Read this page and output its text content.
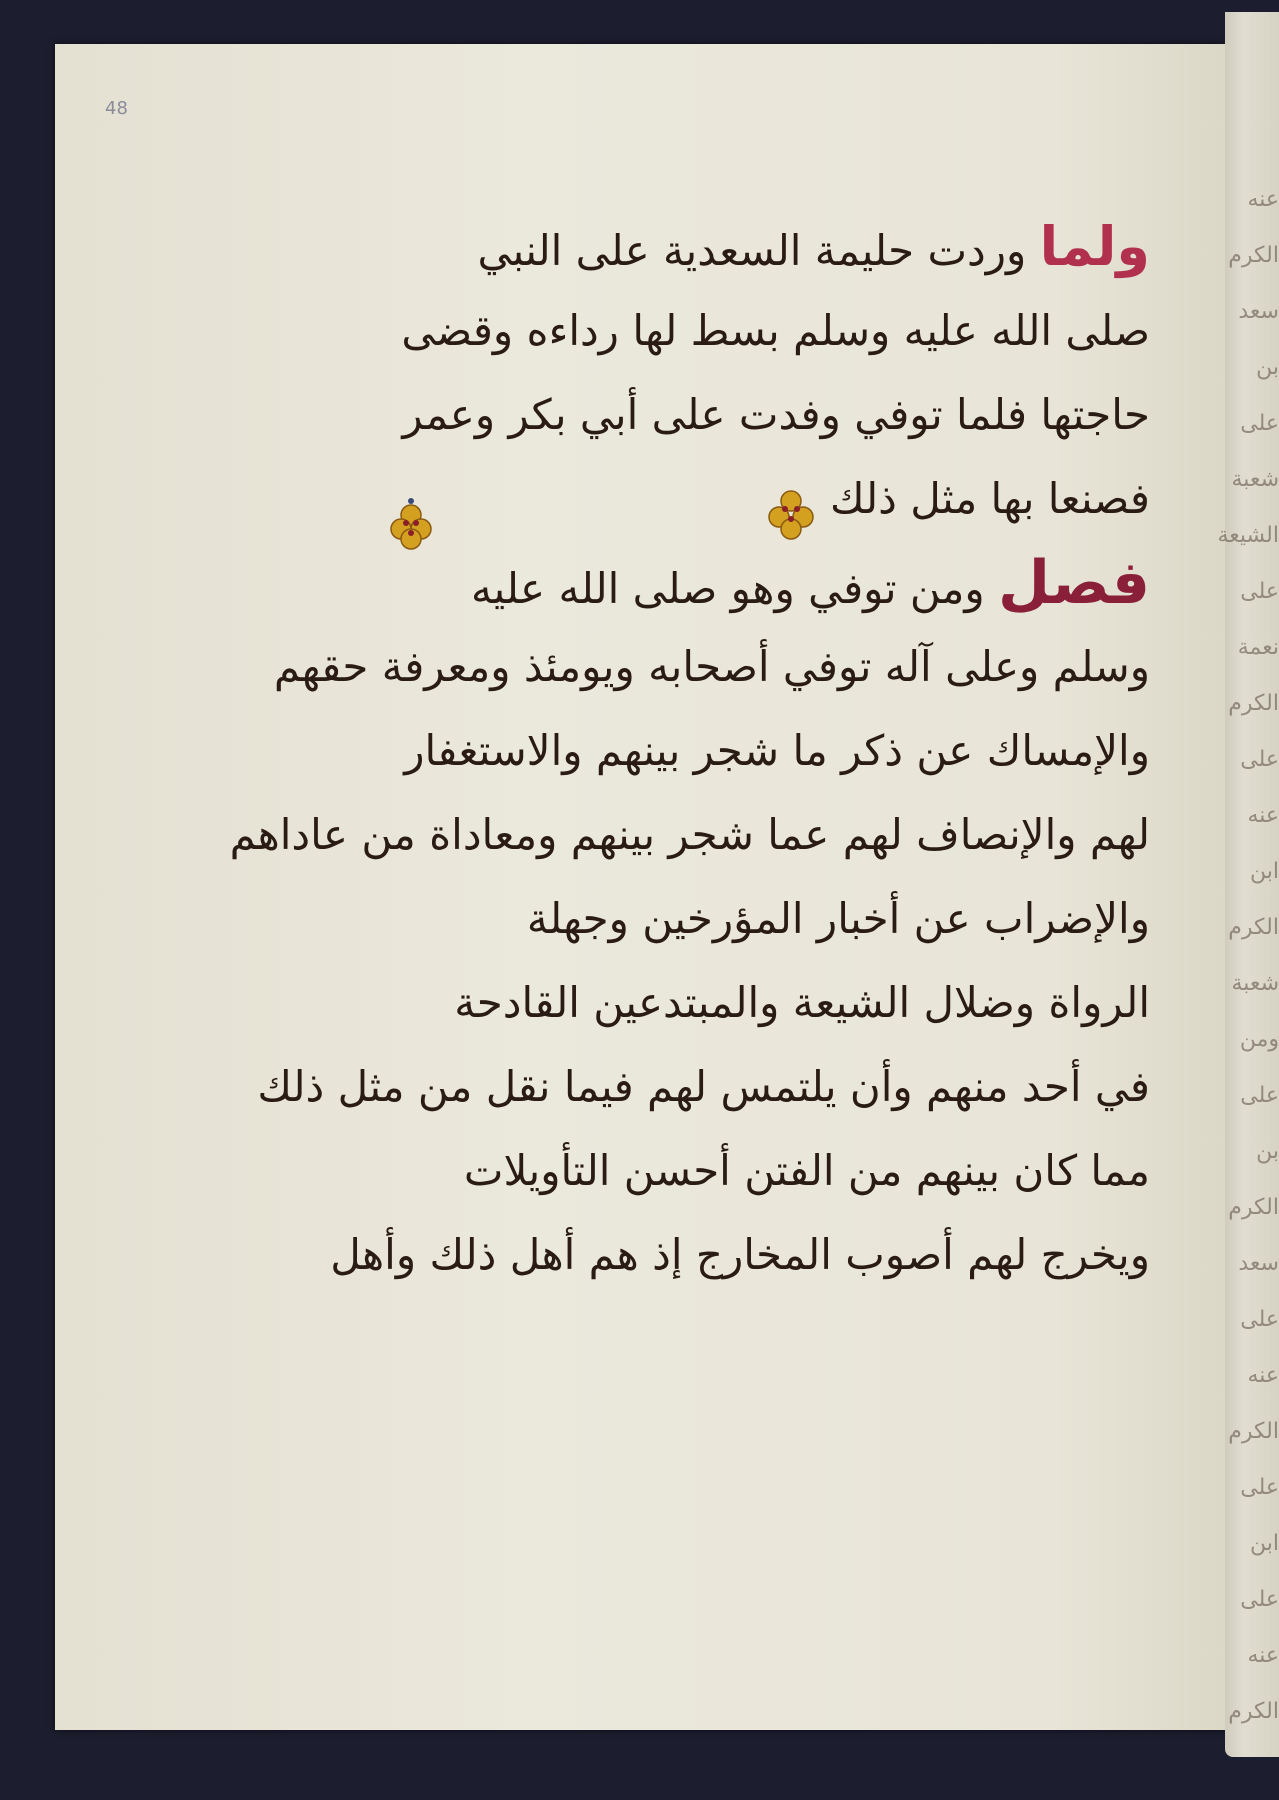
48
ولما وردت حليمة السعدية على النبي
صلى الله عليه وسلم بسط لها رداءه وقضى
حاجتها فلما توفي وفدت على أبي بكر وعمر
فصنعا بها مثل ذلك
فصل ومن توفي وهو صلى الله عليه
وسلم وعلى آله توفي أصحابه ويومئذ ومعرفة حقهم
والإمساك عن ذكر ما شجر بينهم والاستغفار
لهم والإنصاف لهم عما شجر بينهم ومعاداة من عاداهم
والإضراب عن أخبار المؤرخين وجهلة
الرواة وضلال الشيعة والمبتدعين القادحة
في أحد منهم وأن يلتمس لهم فيما نقل من مثل ذلك
مما كان بينهم من الفتن أحسن التأويلات
ويخرج لهم أصوب المخارج إذ هم أهل ذلك وأهل
عنه
الكرم
سعد
بن
على
شعبة
الشيعة
على
نعمة
الكرم
على
عنه
ابن
الكرم
شعبة
ومن
على
بن
الكرم
سعد
على
عنه
الكرم
على
ابن
على
عنه
الكرم
